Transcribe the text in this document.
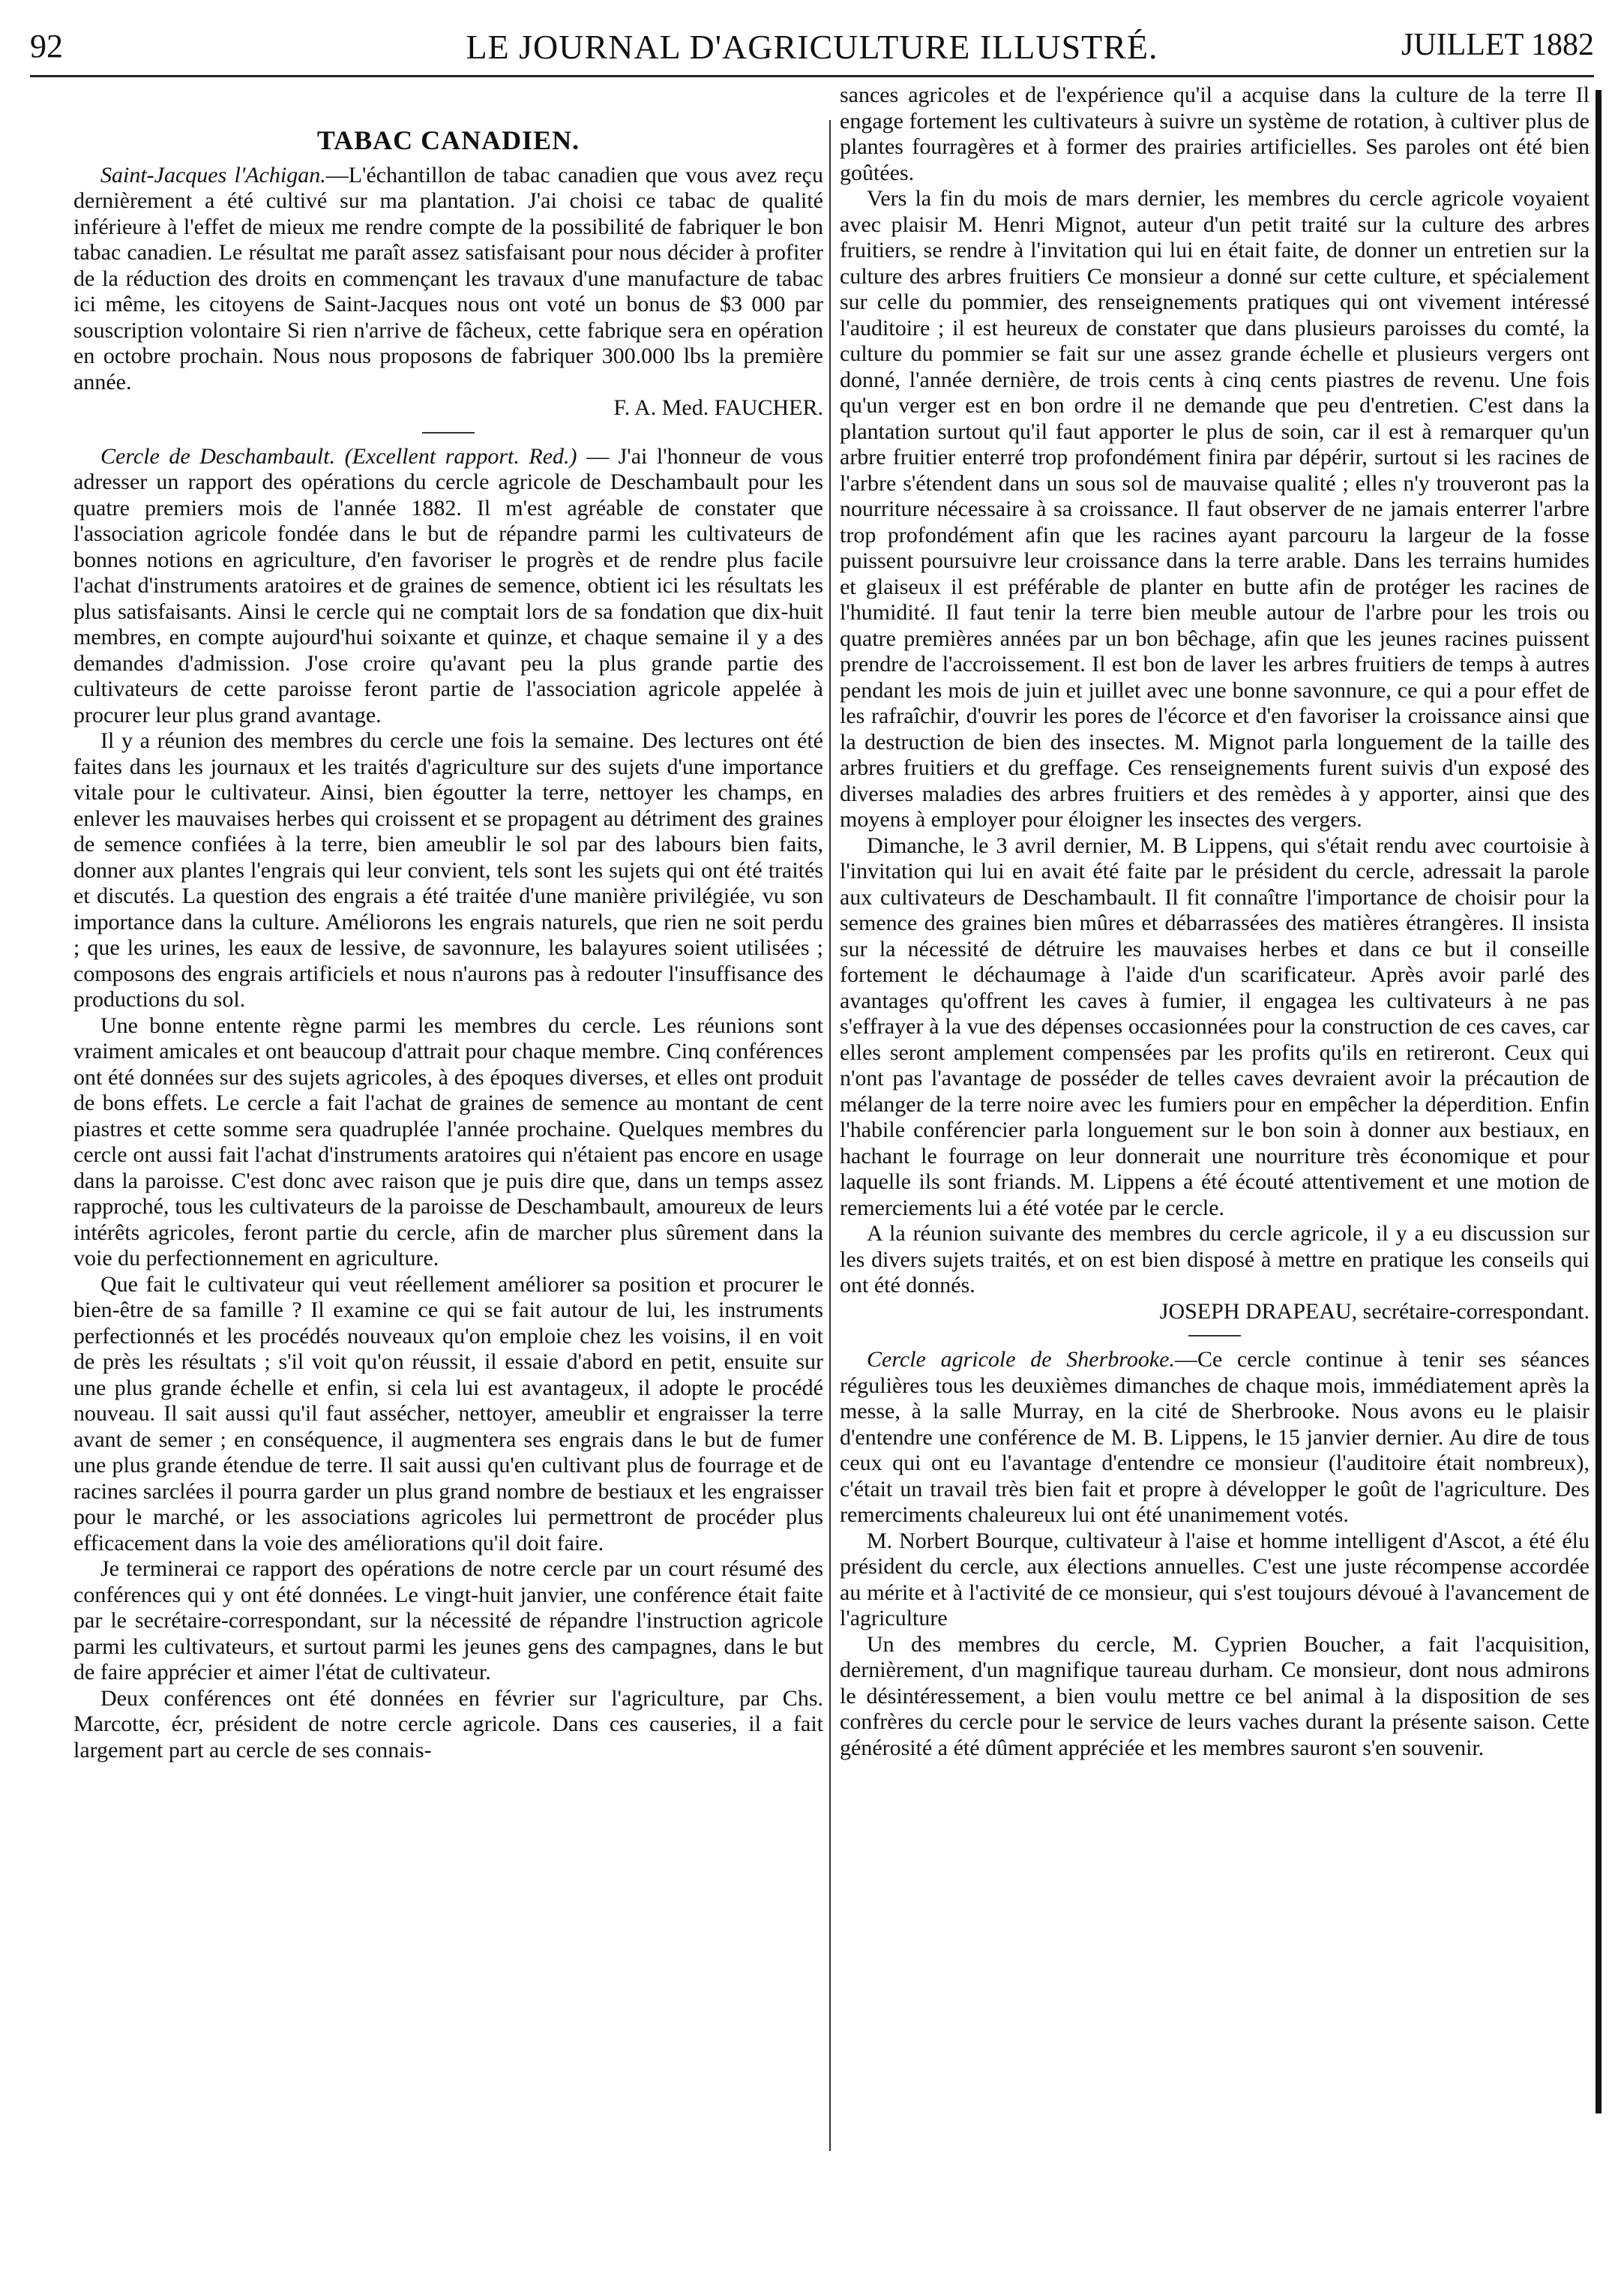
92	LE JOURNAL D'AGRICULTURE ILLUSTRÉ.	JUILLET 1882
TABAC CANADIEN.

Saint-Jacques l'Achigan.—L'échantillon de tabac canadien que vous avez reçu dernièrement a été cultivé sur ma plantation. J'ai choisi ce tabac de qualité inférieure à l'effet de mieux me rendre compte de la possibilité de fabriquer le bon tabac canadien. Le résultat me paraît assez satisfaisant pour nous décider à profiter de la réduction des droits en commençant les travaux d'une manufacture de tabac ici même, les citoyens de Saint-Jacques nous ont voté un bonus de $3 000 par souscription volontaire Si rien n'arrive de fâcheux, cette fabrique sera en opération en octobre prochain. Nous nous proposons de fabriquer 300.000 lbs la première année.

F. A. Med. FAUCHER.

Cercle de Deschambault. (Excellent rapport. Red.) — J'ai l'honneur de vous adresser un rapport des opérations du cercle agricole de Deschambault pour les quatre premiers mois de l'année 1882. Il m'est agréable de constater que l'association agricole fondée dans le but de répandre parmi les cultivateurs de bonnes notions en agriculture, d'en favoriser le progrès et de rendre plus facile l'achat d'instruments aratoires et de graines de semence, obtient ici les résultats les plus satisfaisants. Ainsi le cercle qui ne comptait lors de sa fondation que dix-huit membres, en compte aujourd'hui soixante et quinze, et chaque semaine il y a des demandes d'admission. J'ose croire qu'avant peu la plus grande partie des cultivateurs de cette paroisse feront partie de l'association agricole appelée à procurer leur plus grand avantage.

Il y a réunion des membres du cercle une fois la semaine. Des lectures ont été faites dans les journaux et les traités d'agriculture sur des sujets d'une importance vitale pour le cultivateur. Ainsi, bien égoutter la terre, nettoyer les champs, en enlever les mauvaises herbes qui croissent et se propagent au détriment des graines de semence confiées à la terre, bien ameublir le sol par des labours bien faits, donner aux plantes l'engrais qui leur convient, tels sont les sujets qui ont été traités et discutés. La question des engrais a été traitée d'une manière privilégiée, vu son importance dans la culture. Améliorons les engrais naturels, que rien ne soit perdu ; que les urines, les eaux de lessive, de savonnure, les balayures soient utilisées ; composons des engrais artificiels et nous n'aurons pas à redouter l'insuffisance des productions du sol.

Une bonne entente règne parmi les membres du cercle. Les réunions sont vraiment amicales et ont beaucoup d'attrait pour chaque membre. Cinq conférences ont été données sur des sujets agricoles, à des époques diverses, et elles ont produit de bons effets. Le cercle a fait l'achat de graines de semence au montant de cent piastres et cette somme sera quadruplée l'année prochaine. Quelques membres du cercle ont aussi fait l'achat d'instruments aratoires qui n'étaient pas encore en usage dans la paroisse. C'est donc avec raison que je puis dire que, dans un temps assez rapproché, tous les cultivateurs de la paroisse de Deschambault, amoureux de leurs intérêts agricoles, feront partie du cercle, afin de marcher plus sûrement dans la voie du perfectionnement en agriculture.

Que fait le cultivateur qui veut réellement améliorer sa position et procurer le bien-être de sa famille ? Il examine ce qui se fait autour de lui, les instruments perfectionnés et les procédés nouveaux qu'on emploie chez les voisins, il en voit de près les résultats ; s'il voit qu'on réussit, il essaie d'abord en petit, ensuite sur une plus grande échelle et enfin, si cela lui est avantageux, il adopte le procédé nouveau. Il sait aussi qu'il faut assécher, nettoyer, ameublir et engraisser la terre avant de semer ; en conséquence, il augmentera ses engrais dans le but de fumer une plus grande étendue de terre. Il sait aussi qu'en cultivant plus de fourrage et de racines sarclées il pourra garder un plus grand nombre de bestiaux et les engraisser pour le marché, or les associations agricoles lui permettront de procéder plus efficacement dans la voie des améliorations qu'il doit faire.

Je terminerai ce rapport des opérations de notre cercle par un court résumé des conférences qui y ont été données. Le vingt-huit janvier, une conférence était faite par le secrétaire-correspondant, sur la nécessité de répandre l'instruction agricole parmi les cultivateurs, et surtout parmi les jeunes gens des campagnes, dans le but de faire apprécier et aimer l'état de cultivateur.

Deux conférences ont été données en février sur l'agriculture, par Chs. Marcotte, écr, président de notre cercle agricole. Dans ces causeries, il a fait largement part au cercle de ses connais-

sances agricoles et de l'expérience qu'il a acquise dans la culture de la terre Il engage fortement les cultivateurs à suivre un système de rotation, à cultiver plus de plantes fourragères et à former des prairies artificielles. Ses paroles ont été bien goûtées.

Vers la fin du mois de mars dernier, les membres du cercle agricole voyaient avec plaisir M. Henri Mignot, auteur d'un petit traité sur la culture des arbres fruitiers, se rendre à l'invitation qui lui en était faite, de donner un entretien sur la culture des arbres fruitiers Ce monsieur a donné sur cette culture, et spécialement sur celle du pommier, des renseignements pratiques qui ont vivement intéressé l'auditoire ; il est heureux de constater que dans plusieurs paroisses du comté, la culture du pommier se fait sur une assez grande échelle et plusieurs vergers ont donné, l'année dernière, de trois cents à cinq cents piastres de revenu. Une fois qu'un verger est en bon ordre il ne demande que peu d'entretien. C'est dans la plantation surtout qu'il faut apporter le plus de soin, car il est à remarquer qu'un arbre fruitier enterré trop profondément finira par dépérir, surtout si les racines de l'arbre s'étendent dans un sous sol de mauvaise qualité ; elles n'y trouveront pas la nourriture nécessaire à sa croissance. Il faut observer de ne jamais enterrer l'arbre trop profondément afin que les racines ayant parcouru la largeur de la fosse puissent poursuivre leur croissance dans la terre arable. Dans les terrains humides et glaiseux il est préférable de planter en butte afin de protéger les racines de l'humidité. Il faut tenir la terre bien meuble autour de l'arbre pour les trois ou quatre premières années par un bon bêchage, afin que les jeunes racines puissent prendre de l'accroissement. Il est bon de laver les arbres fruitiers de temps à autres pendant les mois de juin et juillet avec une bonne savonnure, ce qui a pour effet de les rafraîchir, d'ouvrir les pores de l'écorce et d'en favoriser la croissance ainsi que la destruction de bien des insectes. M. Mignot parla longuement de la taille des arbres fruitiers et du greffage. Ces renseignements furent suivis d'un exposé des diverses maladies des arbres fruitiers et des remèdes à y apporter, ainsi que des moyens à employer pour éloigner les insectes des vergers.

Dimanche, le 3 avril dernier, M. B Lippens, qui s'était rendu avec courtoisie à l'invitation qui lui en avait été faite par le président du cercle, adressait la parole aux cultivateurs de Deschambault. Il fit connaître l'importance de choisir pour la semence des graines bien mûres et débarrassées des matières étrangères. Il insista sur la nécessité de détruire les mauvaises herbes et dans ce but il conseille fortement le déchaumage à l'aide d'un scarificateur. Après avoir parlé des avantages qu'offrent les caves à fumier, il engagea les cultivateurs à ne pas s'effrayer à la vue des dépenses occasionnées pour la construction de ces caves, car elles seront amplement compensées par les profits qu'ils en retireront. Ceux qui n'ont pas l'avantage de posséder de telles caves devraient avoir la précaution de mélanger de la terre noire avec les fumiers pour en empêcher la déperdition. Enfin l'habile conférencier parla longuement sur le bon soin à donner aux bestiaux, en hachant le fourrage on leur donnerait une nourriture très économique et pour laquelle ils sont friands. M. Lippens a été écouté attentivement et une motion de remerciements lui a été votée par le cercle.

A la réunion suivante des membres du cercle agricole, il y a eu discussion sur les divers sujets traités, et on est bien disposé à mettre en pratique les conseils qui ont été donnés.

JOSEPH DRAPEAU, secrétaire-correspondant.

Cercle agricole de Sherbrooke.—Ce cercle continue à tenir ses séances régulières tous les deuxièmes dimanches de chaque mois, immédiatement après la messe, à la salle Murray, en la cité de Sherbrooke. Nous avons eu le plaisir d'entendre une conférence de M. B. Lippens, le 15 janvier dernier. Au dire de tous ceux qui ont eu l'avantage d'entendre ce monsieur (l'auditoire était nombreux), c'était un travail très bien fait et propre à développer le goût de l'agriculture. Des remerciments chaleureux lui ont été unanimement votés.

M. Norbert Bourque, cultivateur à l'aise et homme intelligent d'Ascot, a été élu président du cercle, aux élections annuelles. C'est une juste récompense accordée au mérite et à l'activité de ce monsieur, qui s'est toujours dévoué à l'avancement de l'agriculture

Un des membres du cercle, M. Cyprien Boucher, a fait l'acquisition, dernièrement, d'un magnifique taureau durham. Ce monsieur, dont nous admirons le désintéressement, a bien voulu mettre ce bel animal à la disposition de ses confrères du cercle pour le service de leurs vaches durant la présente saison. Cette générosité a été dûment appréciée et les membres sauront s'en souvenir.
